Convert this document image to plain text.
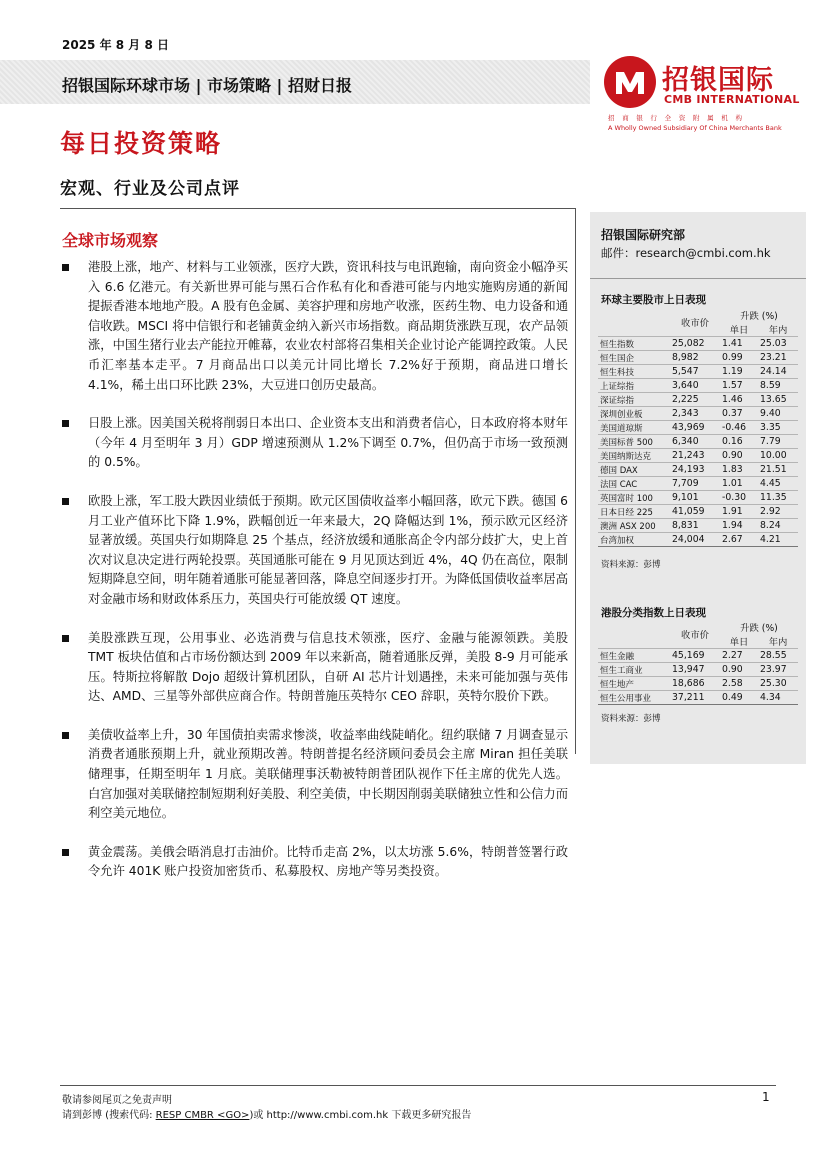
2025 年 8 月 8 日
招银国际环球市场 | 市场策略 | 招财日报	招银国际
CMB INTERNATIONAL
招 商 银 行 全 资 附 属 机 构
A Wholly Owned Subsidiary Of China Merchants Bank
每日投资策略
宏观、行业及公司点评
全球市场观察

港股上涨，地产、材料与工业领涨，医疗大跌，资讯科技与电讯跑输，南向资金小幅净买入 6.6 亿港元。有关新世界可能与黑石合作私有化和香港可能与内地实施购房通的新闻提振香港本地地产股。A 股有色金属、美容护理和房地产收涨，医药生物、电力设备和通信收跌。MSCI 将中信银行和老铺黄金纳入新兴市场指数。商品期货涨跌互现，农产品领涨，中国生猪行业去产能拉开帷幕，农业农村部将召集相关企业讨论产能调控政策。人民币汇率基本走平。7 月商品出口以美元计同比增长 7.2%好于预期，商品进口增长 4.1%，稀土出口环比跌 23%，大豆进口创历史最高。

日股上涨。因美国关税将削弱日本出口、企业资本支出和消费者信心，日本政府将本财年（今年 4 月至明年 3 月）GDP 增速预测从 1.2%下调至 0.7%，但仍高于市场一致预测的 0.5%。

欧股上涨，军工股大跌因业绩低于预期。欧元区国债收益率小幅回落，欧元下跌。德国 6 月工业产值环比下降 1.9%，跌幅创近一年来最大，2Q 降幅达到 1%，预示欧元区经济显著放缓。英国央行如期降息 25 个基点，经济放缓和通胀高企令内部分歧扩大，史上首次对议息决定进行两轮投票。英国通胀可能在 9 月见顶达到近 4%，4Q 仍在高位，限制短期降息空间，明年随着通胀可能显著回落，降息空间逐步打开。为降低国债收益率居高对金融市场和财政体系压力，英国央行可能放缓 QT 速度。

美股涨跌互现，公用事业、必选消费与信息技术领涨，医疗、金融与能源领跌。美股 TMT 板块估值和占市场份额达到 2009 年以来新高，随着通胀反弹，美股 8-9 月可能承压。特斯拉将解散 Dojo 超级计算机团队，自研 AI 芯片计划遇挫，未来可能加强与英伟达、AMD、三星等外部供应商合作。特朗普施压英特尔 CEO 辞职，英特尔股价下跌。

美债收益率上升，30 年国债拍卖需求惨淡，收益率曲线陡峭化。纽约联储 7 月调查显示消费者通胀预期上升，就业预期改善。特朗普提名经济顾问委员会主席 Miran 担任美联储理事，任期至明年 1 月底。美联储理事沃勒被特朗普团队视作下任主席的优先人选。白宫加强对美联储控制短期利好美股、利空美债，中长期因削弱美联储独立性和公信力而利空美元地位。

黄金震荡。美俄会晤消息打击油价。比特币走高 2%，以太坊涨 5.6%，特朗普签署行政令允许 401K 账户投资加密货币、私募股权、房地产等另类投资。

招银国际研究部
邮件：research@cmbi.com.hk
环球主要股市上日表现
	收市价	升跌 (%)	
		单日	年内
恒生指数	25,082	1.41	25.03
恒生国企	8,982	0.99	23.21
恒生科技	5,547	1.19	24.14
上证综指	3,640	1.57	8.59
深证综指	2,225	1.46	13.65
深圳创业板	2,343	0.37	9.40
美国道琼斯	43,969	-0.46	3.35
美国标普 500	6,340	0.16	7.79
美国纳斯达克	21,243	0.90	10.00
德国 DAX	24,193	1.83	21.51
法国 CAC	7,709	1.01	4.45
英国富时 100	9,101	-0.30	11.35
日本日经 225	41,059	1.91	2.92
澳洲 ASX 200	8,831	1.94	8.24
台湾加权	24,004	2.67	4.21
资料来源：彭博
港股分类指数上日表现
	收市价	升跌 (%)	
		单日	年内
恒生金融	45,169	2.27	28.55
恒生工商业	13,947	0.90	23.97
恒生地产	18,686	2.58	25.30
恒生公用事业	37,211	0.49	4.34
资料来源：彭博
敬请参阅尾页之免责声明
请到彭博 (搜索代码: RESP CMBR <GO>)或 http://www.cmbi.com.hk 下载更多研究报告
1
